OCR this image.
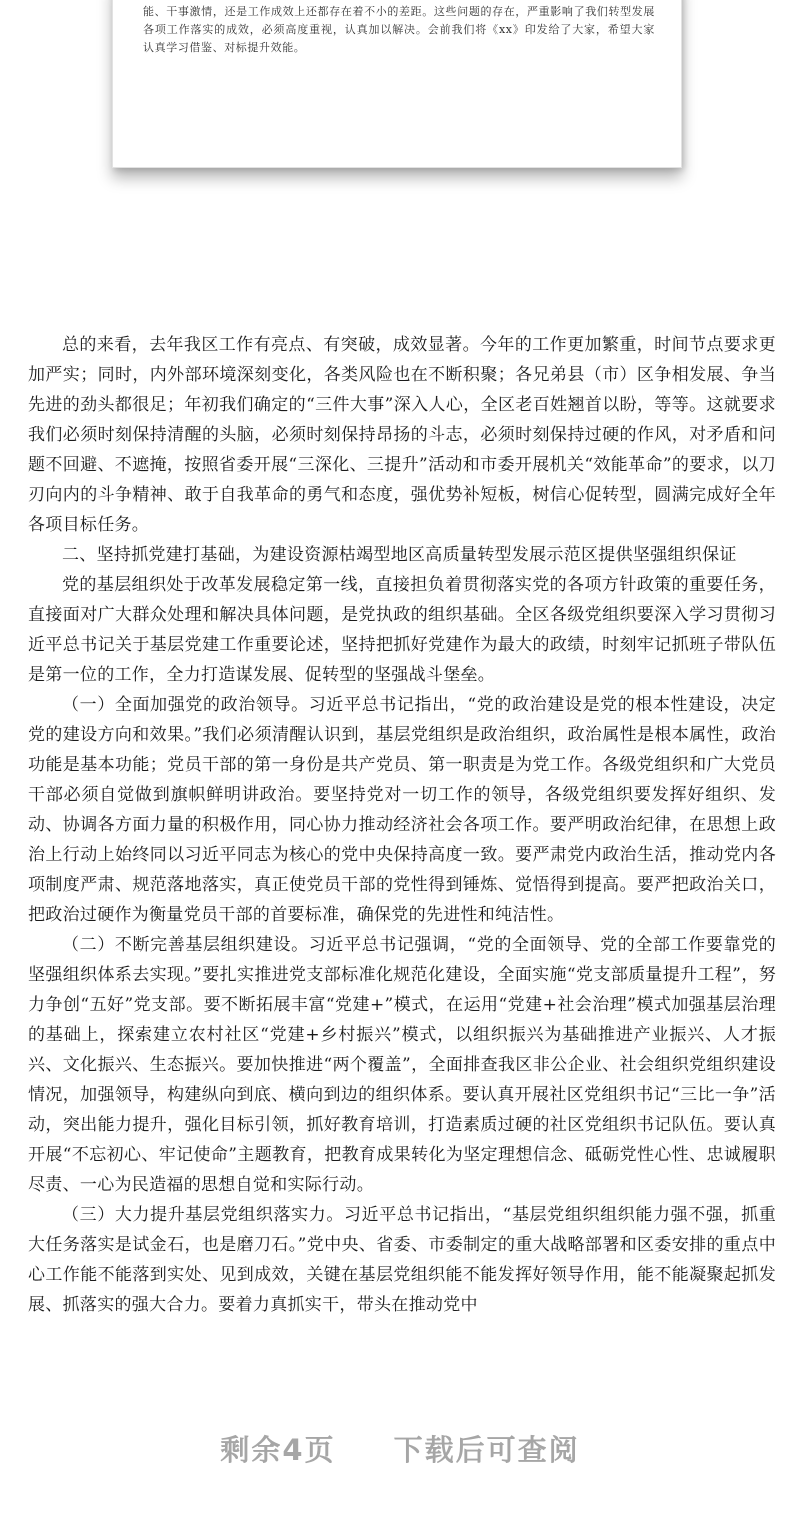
能、干事激情，还是工作成效上还都存在着不小的差距。这些问题的存在，严重影响了我们转型发展各项工作落实的成效，必须高度重视，认真加以解决。会前我们将《xx》印发给了大家，希望大家认真学习借鉴、对标提升效能。

总的来看，去年我区工作有亮点、有突破，成效显著。今年的工作更加繁重，时间节点要求更加严实；同时，内外部环境深刻变化，各类风险也在不断积聚；各兄弟县（市）区争相发展、争当先进的劲头都很足；年初我们确定的“三件大事”深入人心，全区老百姓翘首以盼，等等。这就要求我们必须时刻保持清醒的头脑，必须时刻保持昂扬的斗志，必须时刻保持过硬的作风，对矛盾和问题不回避、不遮掩，按照省委开展“三深化、三提升”活动和市委开展机关“效能革命”的要求，以刀刃向内的斗争精神、敢于自我革命的勇气和态度，强优势补短板，树信心促转型，圆满完成好全年各项目标任务。

二、坚持抓党建打基础，为建设资源枯竭型地区高质量转型发展示范区提供坚强组织保证

党的基层组织处于改革发展稳定第一线，直接担负着贯彻落实党的各项方针政策的重要任务，直接面对广大群众处理和解决具体问题，是党执政的组织基础。全区各级党组织要深入学习贯彻习近平总书记关于基层党建工作重要论述，坚持把抓好党建作为最大的政绩，时刻牢记抓班子带队伍是第一位的工作，全力打造谋发展、促转型的坚强战斗堡垒。

（一）全面加强党的政治领导。习近平总书记指出，“党的政治建设是党的根本性建设，决定党的建设方向和效果。”我们必须清醒认识到，基层党组织是政治组织，政治属性是根本属性，政治功能是基本功能；党员干部的第一身份是共产党员、第一职责是为党工作。各级党组织和广大党员干部必须自觉做到旗帜鲜明讲政治。要坚持党对一切工作的领导，各级党组织要发挥好组织、发动、协调各方面力量的积极作用，同心协力推动经济社会各项工作。要严明政治纪律，在思想上政治上行动上始终同以习近平同志为核心的党中央保持高度一致。要严肃党内政治生活，推动党内各项制度严肃、规范落地落实，真正使党员干部的党性得到锤炼、觉悟得到提高。要严把政治关口，把政治过硬作为衡量党员干部的首要标准，确保党的先进性和纯洁性。

（二）不断完善基层组织建设。习近平总书记强调，“党的全面领导、党的全部工作要靠党的坚强组织体系去实现。”要扎实推进党支部标准化规范化建设，全面实施“党支部质量提升工程”，努力争创“五好”党支部。要不断拓展丰富“党建+”模式，在运用“党建+社会治理”模式加强基层治理的基础上，探索建立农村社区“党建+乡村振兴”模式，以组织振兴为基础推进产业振兴、人才振兴、文化振兴、生态振兴。要加快推进“两个覆盖”，全面排查我区非公企业、社会组织党组织建设情况，加强领导，构建纵向到底、横向到边的组织体系。要认真开展社区党组织书记“三比一争”活动，突出能力提升，强化目标引领，抓好教育培训，打造素质过硬的社区党组织书记队伍。要认真开展“不忘初心、牢记使命”主题教育，把教育成果转化为坚定理想信念、砥砺党性心性、忠诚履职尽责、一心为民造福的思想自觉和实际行动。

（三）大力提升基层党组织落实力。习近平总书记指出，“基层党组织组织能力强不强，抓重大任务落实是试金石，也是磨刀石。”党中央、省委、市委制定的重大战略部署和区委安排的重点中心工作能不能落到实处、见到成效，关键在基层党组织能不能发挥好领导作用，能不能凝聚起抓发展、抓落实的强大合力。要着力真抓实干，带头在推动党中

剩余4页 下载后可查阅
